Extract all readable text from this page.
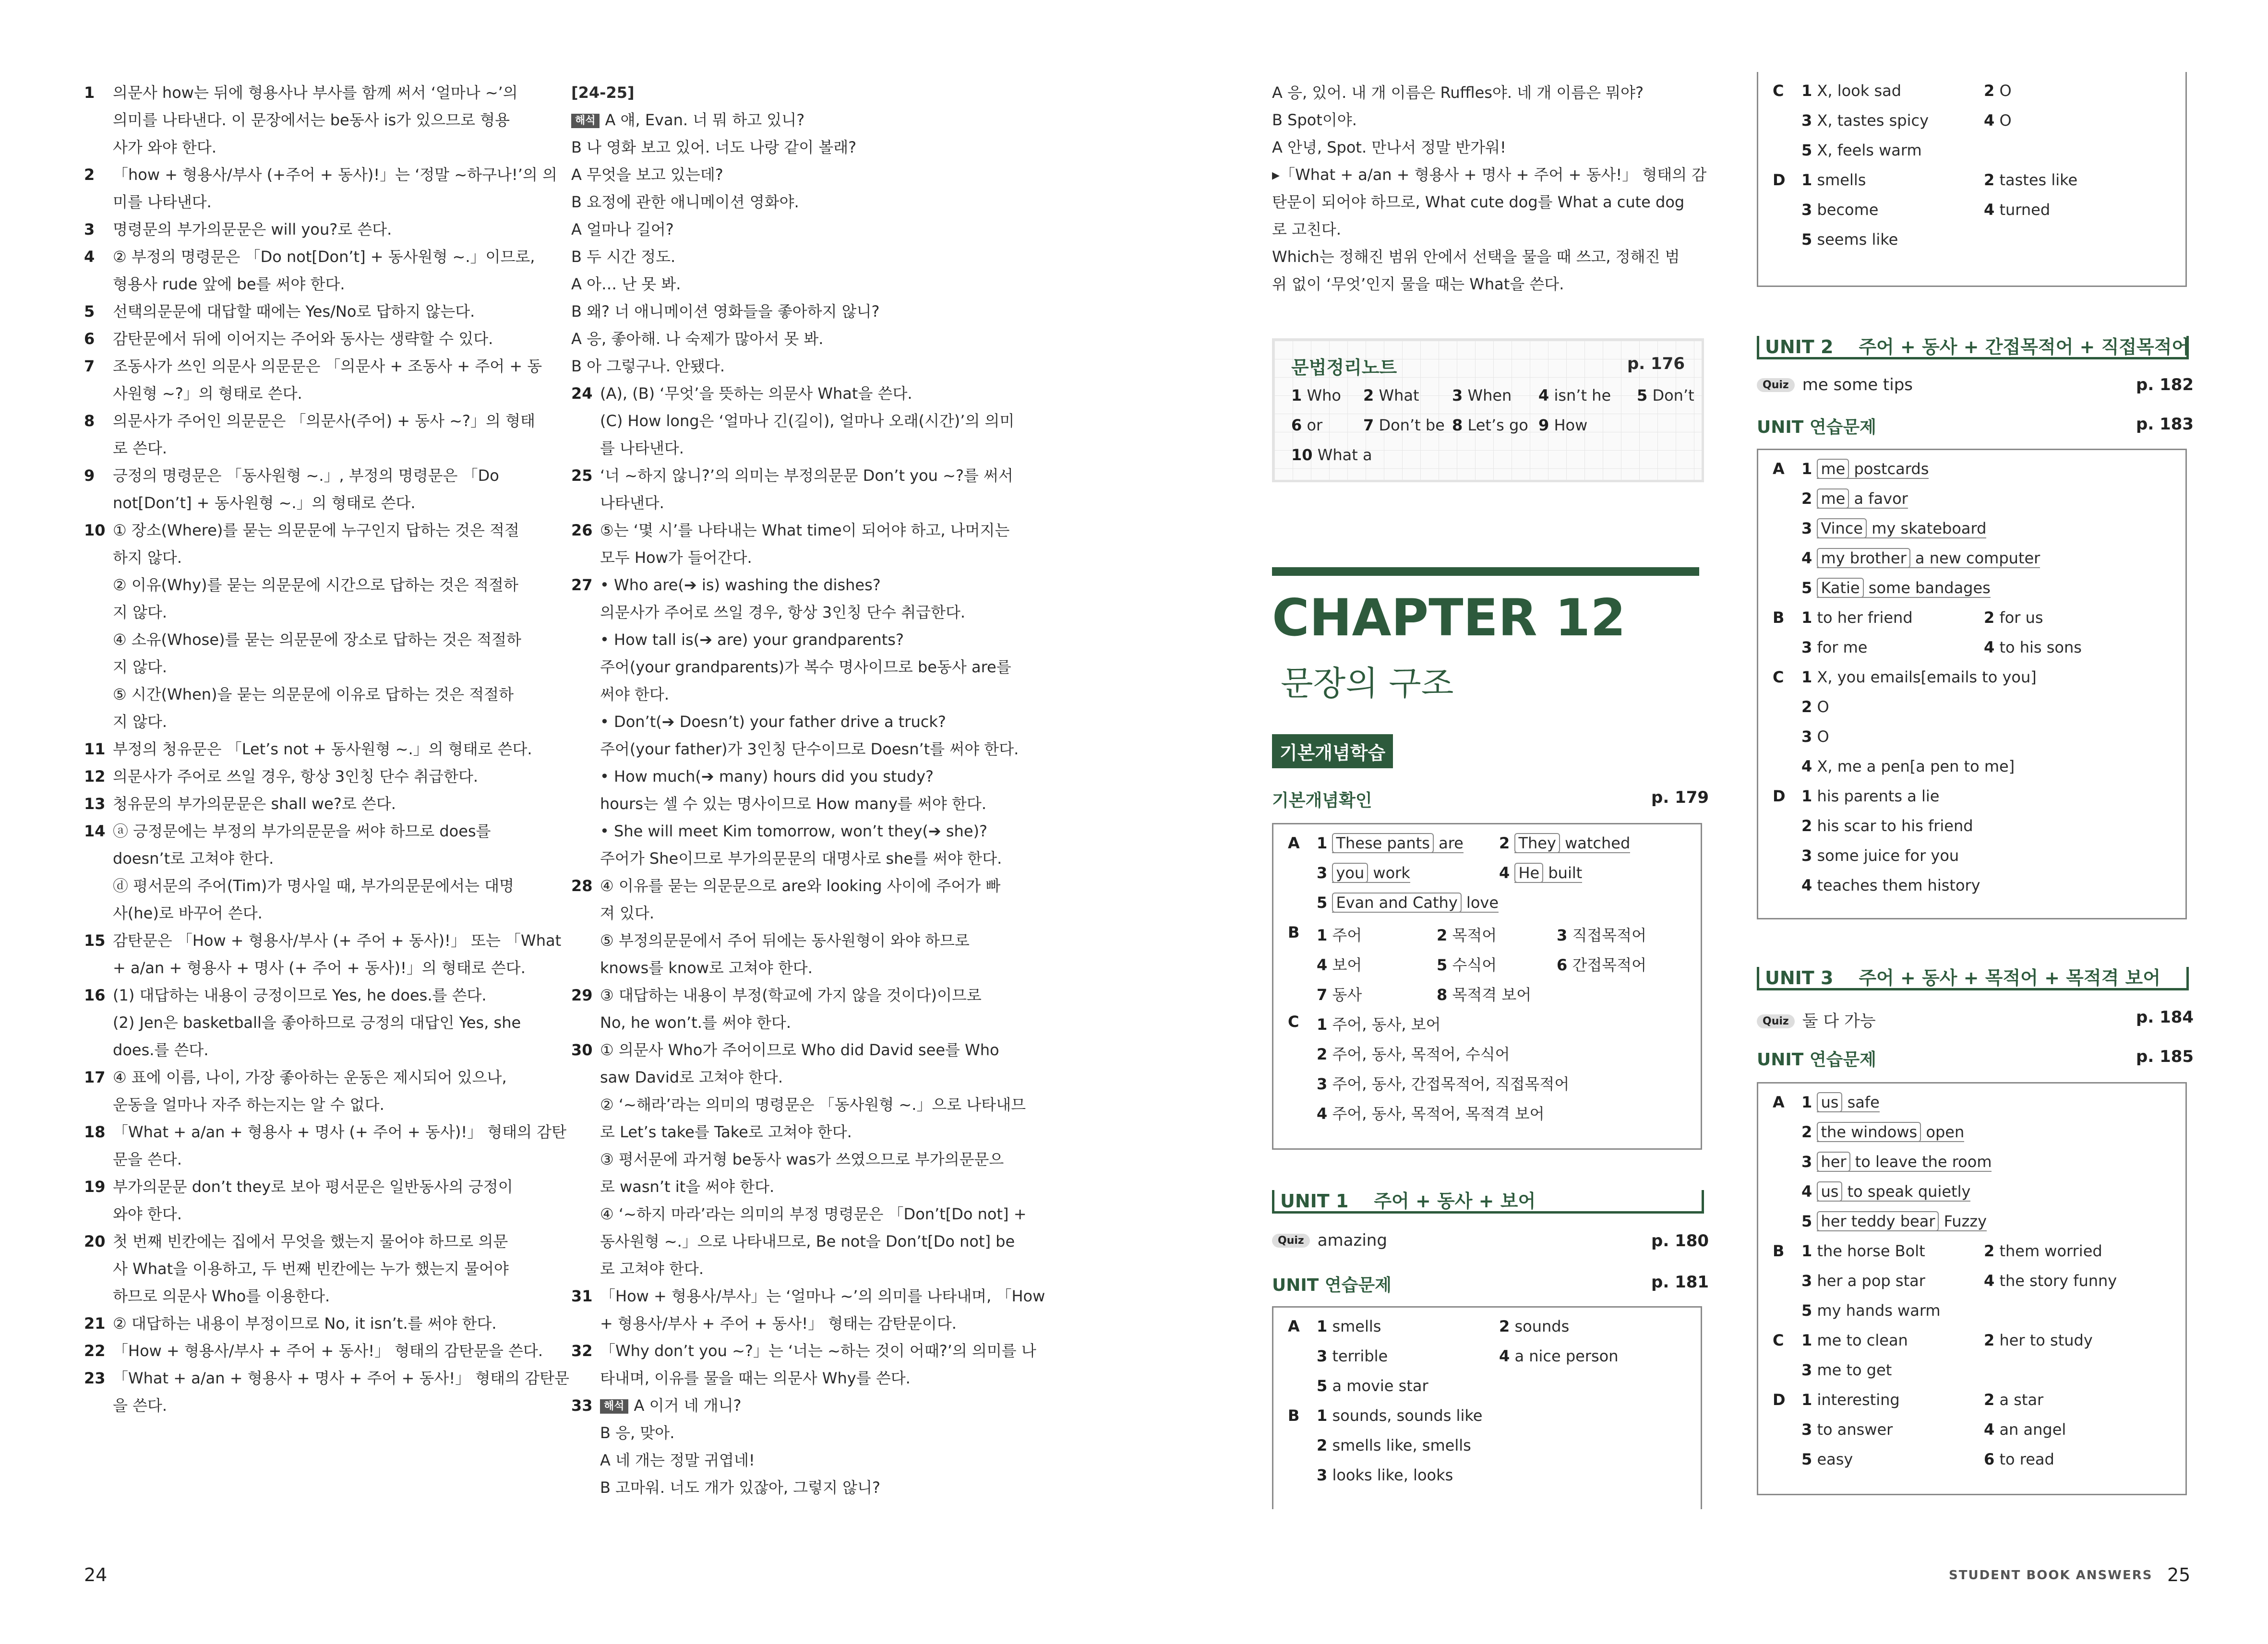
1	의문사 how는 뒤에 형용사나 부사를 함께 써서 ‘얼마나 ~’의
의미를 나타낸다. 이 문장에서는 be동사 is가 있으므로 형용
사가 와야 한다.
2	「how + 형용사/부사 (+주어 + 동사)!」는 ‘정말 ~하구나!’의 의
미를 나타낸다.
3	명령문의 부가의문문은 will you?로 쓴다.
4	② 부정의 명령문은 「Do not[Don’t] + 동사원형 ~.」이므로,
형용사 rude 앞에 be를 써야 한다.
5	선택의문문에 대답할 때에는 Yes/No로 답하지 않는다.
6	감탄문에서 뒤에 이어지는 주어와 동사는 생략할 수 있다.
7	조동사가 쓰인 의문사 의문문은 「의문사 + 조동사 + 주어 + 동
사원형 ~?」의 형태로 쓴다.
8	의문사가 주어인 의문문은 「의문사(주어) + 동사 ~?」의 형태
로 쓴다.
9	긍정의 명령문은 「동사원형 ~.」, 부정의 명령문은 「Do
not[Don’t] + 동사원형 ~.」의 형태로 쓴다.
10 ① 장소(Where)를 묻는 의문문에 누구인지 답하는 것은 적절
하지 않다.
② 이유(Why)를 묻는 의문문에 시간으로 답하는 것은 적절하
지 않다.
④ 소유(Whose)를 묻는 의문문에 장소로 답하는 것은 적절하
지 않다.
⑤ 시간(When)을 묻는 의문문에 이유로 답하는 것은 적절하
지 않다.
11 부정의 청유문은 「Let’s not + 동사원형 ~.」의 형태로 쓴다.
12 의문사가 주어로 쓰일 경우, 항상 3인칭 단수 취급한다.
13 청유문의 부가의문문은 shall we?로 쓴다.
14 ⓐ 긍정문에는 부정의 부가의문문을 써야 하므로 does를
doesn’t로 고쳐야 한다.
ⓓ 평서문의 주어(Tim)가 명사일 때, 부가의문문에서는 대명
사(he)로 바꾸어 쓴다.
15 감탄문은 「How + 형용사/부사 (+ 주어 + 동사)!」 또는 「What
+ a/an + 형용사 + 명사 (+ 주어 + 동사)!」의 형태로 쓴다.
16 (1) 대답하는 내용이 긍정이므로 Yes, he does.를 쓴다.
(2) Jen은 basketball을 좋아하므로 긍정의 대답인 Yes, she
does.를 쓴다.
17 ④ 표에 이름, 나이, 가장 좋아하는 운동은 제시되어 있으나,
운동을 얼마나 자주 하는지는 알 수 없다.
18 「What + a/an + 형용사 + 명사 (+ 주어 + 동사)!」 형태의 감탄
문을 쓴다.
19 부가의문문 don’t they로 보아 평서문은 일반동사의 긍정이
와야 한다.
20 첫 번째 빈칸에는 집에서 무엇을 했는지 물어야 하므로 의문
사 What을 이용하고, 두 번째 빈칸에는 누가 했는지 물어야
하므로 의문사 Who를 이용한다.
21 ② 대답하는 내용이 부정이므로 No, it isn’t.를 써야 한다.
22 「How + 형용사/부사 + 주어 + 동사!」 형태의 감탄문을 쓴다.
23 「What + a/an + 형용사 + 명사 + 주어 + 동사!」 형태의 감탄문
을 쓴다.
[24-25]
해석 A 얘, Evan. 너 뭐 하고 있니?
B 나 영화 보고 있어. 너도 나랑 같이 볼래?
A 무엇을 보고 있는데?
B 요정에 관한 애니메이션 영화야.
A 얼마나 길어?
B 두 시간 정도.
A 아… 난 못 봐.
B 왜? 너 애니메이션 영화들을 좋아하지 않니?
A 응, 좋아해. 나 숙제가 많아서 못 봐.
B 아 그렇구나. 안됐다.
24 (A), (B) ‘무엇’을 뜻하는 의문사 What을 쓴다.
(C) How long은 ‘얼마나 긴(길이), 얼마나 오래(시간)’의 의미
를 나타낸다.
25 ‘너 ~하지 않니?’의 의미는 부정의문문 Don’t you ~?를 써서
나타낸다.
26 ⑤는 ‘몇 시’를 나타내는 What time이 되어야 하고, 나머지는
모두 How가 들어간다.
27 • Who are(➔ is) washing the dishes?
의문사가 주어로 쓰일 경우, 항상 3인칭 단수 취급한다.
• How tall is(➔ are) your grandparents?
주어(your grandparents)가 복수 명사이므로 be동사 are를
써야 한다.
• Don’t(➔ Doesn’t) your father drive a truck?
주어(your father)가 3인칭 단수이므로 Doesn’t를 써야 한다.
• How much(➔ many) hours did you study?
hours는 셀 수 있는 명사이므로 How many를 써야 한다.
• She will meet Kim tomorrow, won’t they(➔ she)?
주어가 She이므로 부가의문문의 대명사로 she를 써야 한다.
28 ④ 이유를 묻는 의문문으로 are와 looking 사이에 주어가 빠
져 있다.
⑤ 부정의문문에서 주어 뒤에는 동사원형이 와야 하므로
knows를 know로 고쳐야 한다.
29 ③ 대답하는 내용이 부정(학교에 가지 않을 것이다)이므로
No, he won’t.를 써야 한다.
30 ① 의문사 Who가 주어이므로 Who did David see를 Who
saw David로 고쳐야 한다.
② ‘~해라’라는 의미의 명령문은 「동사원형 ~.」으로 나타내므
로 Let’s take를 Take로 고쳐야 한다.
③ 평서문에 과거형 be동사 was가 쓰였으므로 부가의문문으
로 wasn’t it을 써야 한다.
④ ‘~하지 마라’라는 의미의 부정 명령문은 「Don’t[Do not] +
동사원형 ~.」으로 나타내므로, Be not을 Don’t[Do not] be
로 고쳐야 한다.
31 「How + 형용사/부사」는 ‘얼마나 ~’의 의미를 나타내며, 「How
+ 형용사/부사 + 주어 + 동사!」 형태는 감탄문이다.
32 「Why don’t you ~?」는 ‘너는 ~하는 것이 어때?’의 의미를 나
타내며, 이유를 물을 때는 의문사 Why를 쓴다.
33	해석 A 이거 네 개니?
B 응, 맞아.
A 네 개는 정말 귀엽네!
B 고마워. 너도 개가 있잖아, 그렇지 않니?
24
A 응, 있어. 내 개 이름은 Ruffles야. 네 개 이름은 뭐야?
B Spot이야.
A 안녕, Spot. 만나서 정말 반가워!
▸「What + a/an + 형용사 + 명사 + 주어 + 동사!」 형태의 감
탄문이 되어야 하므로, What cute dog를 What a cute dog
로 고친다.
Which는 정해진 범위 안에서 선택을 물을 때 쓰고, 정해진 범
위 없이 ‘무엇’인지 물을 때는 What을 쓴다.
문법정리노트	p. 176
1 Who 2 What 3 When 4 isn’t he 5 Don’t
6 or	7 Don’t be 8 Let’s go 9 How
10 What a
CHAPTER 12
문장의 구조
기본개념학습
기본개념확인	p. 179
A 1 These pants are 2 They watched
3 you work	4 He built
5 Evan and Cathy love
B 1 주어	2 목적어	3 직접목적어
4 보어	5 수식어	6 간접목적어
7 동사	8 목적격 보어
C 1 주어, 동사, 보어
2 주어, 동사, 목적어, 수식어
3 주어, 동사, 간접목적어, 직접목적어
4 주어, 동사, 목적어, 목적격 보어
UNIT 1 주어 + 동사 + 보어
Quiz amazing	p. 180
UNIT 연습문제	p. 181
A 1 smells	2 sounds
3 terrible	4 a nice person
5 a movie star
B 1 sounds, sounds like
2 smells like, smells
3 looks like, looks
C 1 X, look sad	2 O
3 X, tastes spicy	4 O
5 X, feels warm
D 1 smells	2 tastes like
3 become	4 turned
5 seems like
UNIT 2 주어 + 동사 + 간접목적어 + 직접목적어
Quiz me some tips	p. 182
UNIT 연습문제	p. 183
A 1 me postcards
2 me a favor
3 Vince my skateboard
4 my brother a new computer
5 Katie some bandages
B 1 to her friend	2 for us
3 for me	4 to his sons
C 1 X, you emails[emails to you]
2 O
3 O
4 X, me a pen[a pen to me]
D 1 his parents a lie
2 his scar to his friend
3 some juice for you
4 teaches them history
UNIT 3 주어 + 동사 + 목적어 + 목적격 보어
Quiz 둘 다 가능	p. 184
UNIT 연습문제	p. 185
A 1 us safe
2 the windows open
3 her to leave the room
4 us to speak quietly
5 her teddy bear Fuzzy
B 1 the horse Bolt	2 them worried
3 her a pop star	4 the story funny
5 my hands warm
C 1 me to clean	2 her to study
3 me to get
D 1 interesting	2 a star
3 to answer	4 an angel
5 easy	6 to read
STUDENT BOOK ANSWERS 25
